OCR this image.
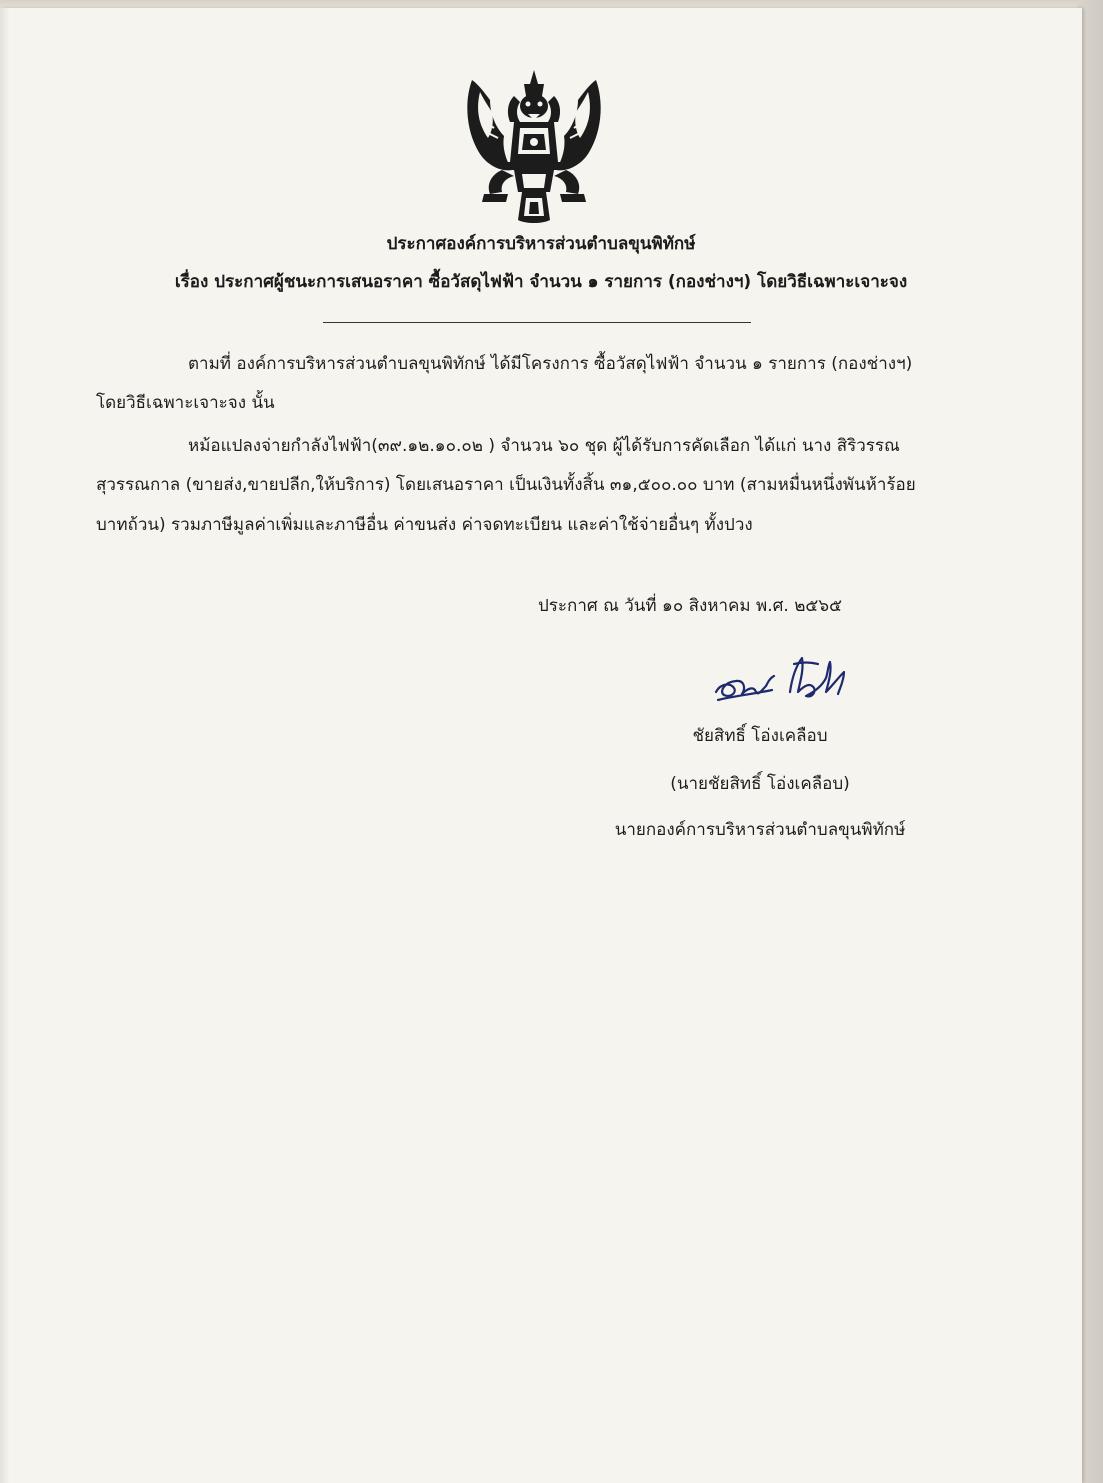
ประกาศองค์การบริหารส่วนตำบลขุนพิทักษ์
เรื่อง ประกาศผู้ชนะการเสนอราคา ซื้อวัสดุไฟฟ้า จำนวน ๑ รายการ (กองช่างฯ) โดยวิธีเฉพาะเจาะจง
ตามที่ องค์การบริหารส่วนตำบลขุนพิทักษ์ ได้มีโครงการ ซื้อวัสดุไฟฟ้า จำนวน ๑ รายการ (กองช่างฯ)
โดยวิธีเฉพาะเจาะจง นั้น
หม้อแปลงจ่ายกำลังไฟฟ้า(๓๙.๑๒.๑๐.๐๒ ) จำนวน ๖๐ ชุด ผู้ได้รับการคัดเลือก ได้แก่ นาง สิริวรรณ
สุวรรณกาล (ขายส่ง,ขายปลีก,ให้บริการ) โดยเสนอราคา เป็นเงินทั้งสิ้น ๓๑,๕๐๐.๐๐ บาท (สามหมื่นหนึ่งพันห้าร้อย
บาทถ้วน) รวมภาษีมูลค่าเพิ่มและภาษีอื่น ค่าขนส่ง ค่าจดทะเบียน และค่าใช้จ่ายอื่นๆ ทั้งปวง
ประกาศ ณ วันที่ ๑๐ สิงหาคม พ.ศ. ๒๕๖๕
ชัยสิทธิ์ โอ่งเคลือบ
(นายชัยสิทธิ์ โอ่งเคลือบ)
นายกองค์การบริหารส่วนตำบลขุนพิทักษ์
